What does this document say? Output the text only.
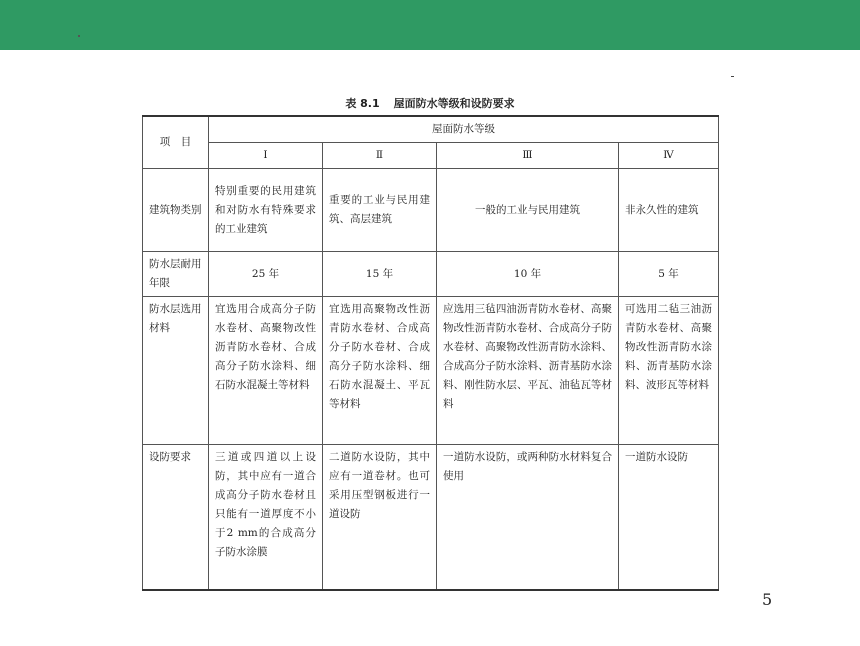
表 8.1 屋面防水等级和设防要求
项　目	屋面防水等级			
	Ⅰ	Ⅱ	Ⅲ	Ⅳ
建筑物类别	特别重要的民用建筑和对防水有特殊要求的工业建筑	重要的工业与民用建筑、高层建筑	一般的工业与民用建筑	非永久性的建筑
防水层耐用年限	25 年	15 年	10 年	5 年
防水层选用材料	宜选用合成高分子防水卷材、高聚物改性沥青防水卷材、合成高分子防水涂料、细石防水混凝土等材料	宜选用高聚物改性沥青防水卷材、合成高分子防水卷材、合成高分子防水涂料、细石防水混凝土、平瓦等材料	应选用三毡四油沥青防水卷材、高聚物改性沥青防水卷材、合成高分子防水卷材、高聚物改性沥青防水涂料、合成高分子防水涂料、沥青基防水涂料、刚性防水层、平瓦、油毡瓦等材料	可选用二毡三油沥青防水卷材、高聚物改性沥青防水涂料、沥青基防水涂料、波形瓦等材料
设防要求	三道或四道以上设防，其中应有一道合成高分子防水卷材且只能有一道厚度不小于2 mm的合成高分子防水涂膜	二道防水设防，其中应有一道卷材。也可采用压型钢板进行一道设防	一道防水设防，或两种防水材料复合使用	一道防水设防
5
